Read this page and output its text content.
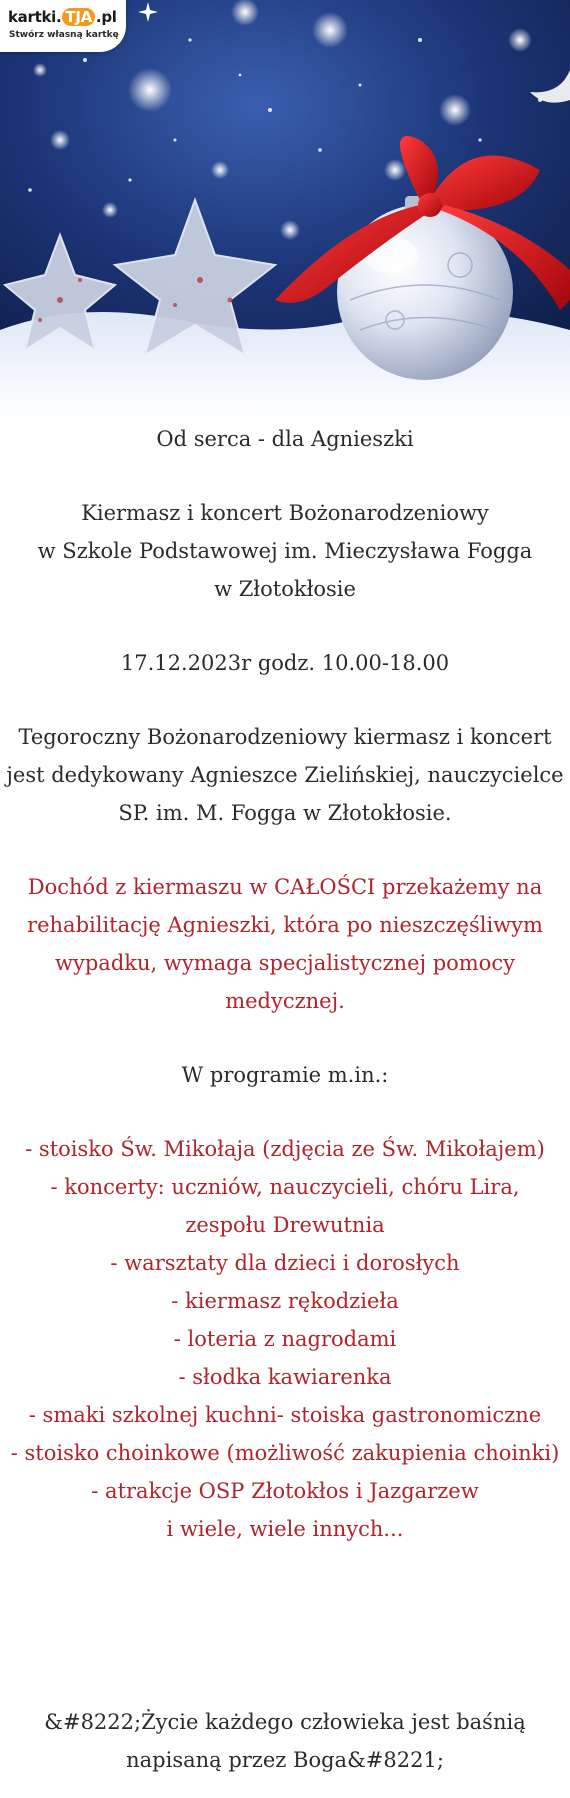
kartki. TJA .pl
Stwórz własną kartkę

Od serca - dla Agnieszki

Kiermasz i koncert Bożonarodzeniowy
w Szkole Podstawowej im. Mieczysława Fogga
w Złotokłosie

17.12.2023r godz. 10.00-18.00

Tegoroczny Bożonarodzeniowy kiermasz i koncert
jest dedykowany Agnieszce Zielińskiej, nauczycielce
SP. im. M. Fogga w Złotokłosie.

Dochód z kiermaszu w CAŁOŚCI przekażemy na
rehabilitację Agnieszki, która po nieszczęśliwym
wypadku, wymaga specjalistycznej pomocy
medycznej.

W programie m.in.:

- stoisko Św. Mikołaja (zdjęcia ze Św. Mikołajem)
- koncerty: uczniów, nauczycieli, chóru Lira,
zespołu Drewutnia
- warsztaty dla dzieci i dorosłych
- kiermasz rękodzieła
- loteria z nagrodami
- słodka kawiarenka
- smaki szkolnej kuchni- stoiska gastronomiczne
- stoisko choinkowe (możliwość zakupienia choinki)
- atrakcje OSP Złotokłos i Jazgarzew
i wiele, wiele innych...

&#8222;Życie każdego człowieka jest baśnią
napisaną przez Boga&#8221;
